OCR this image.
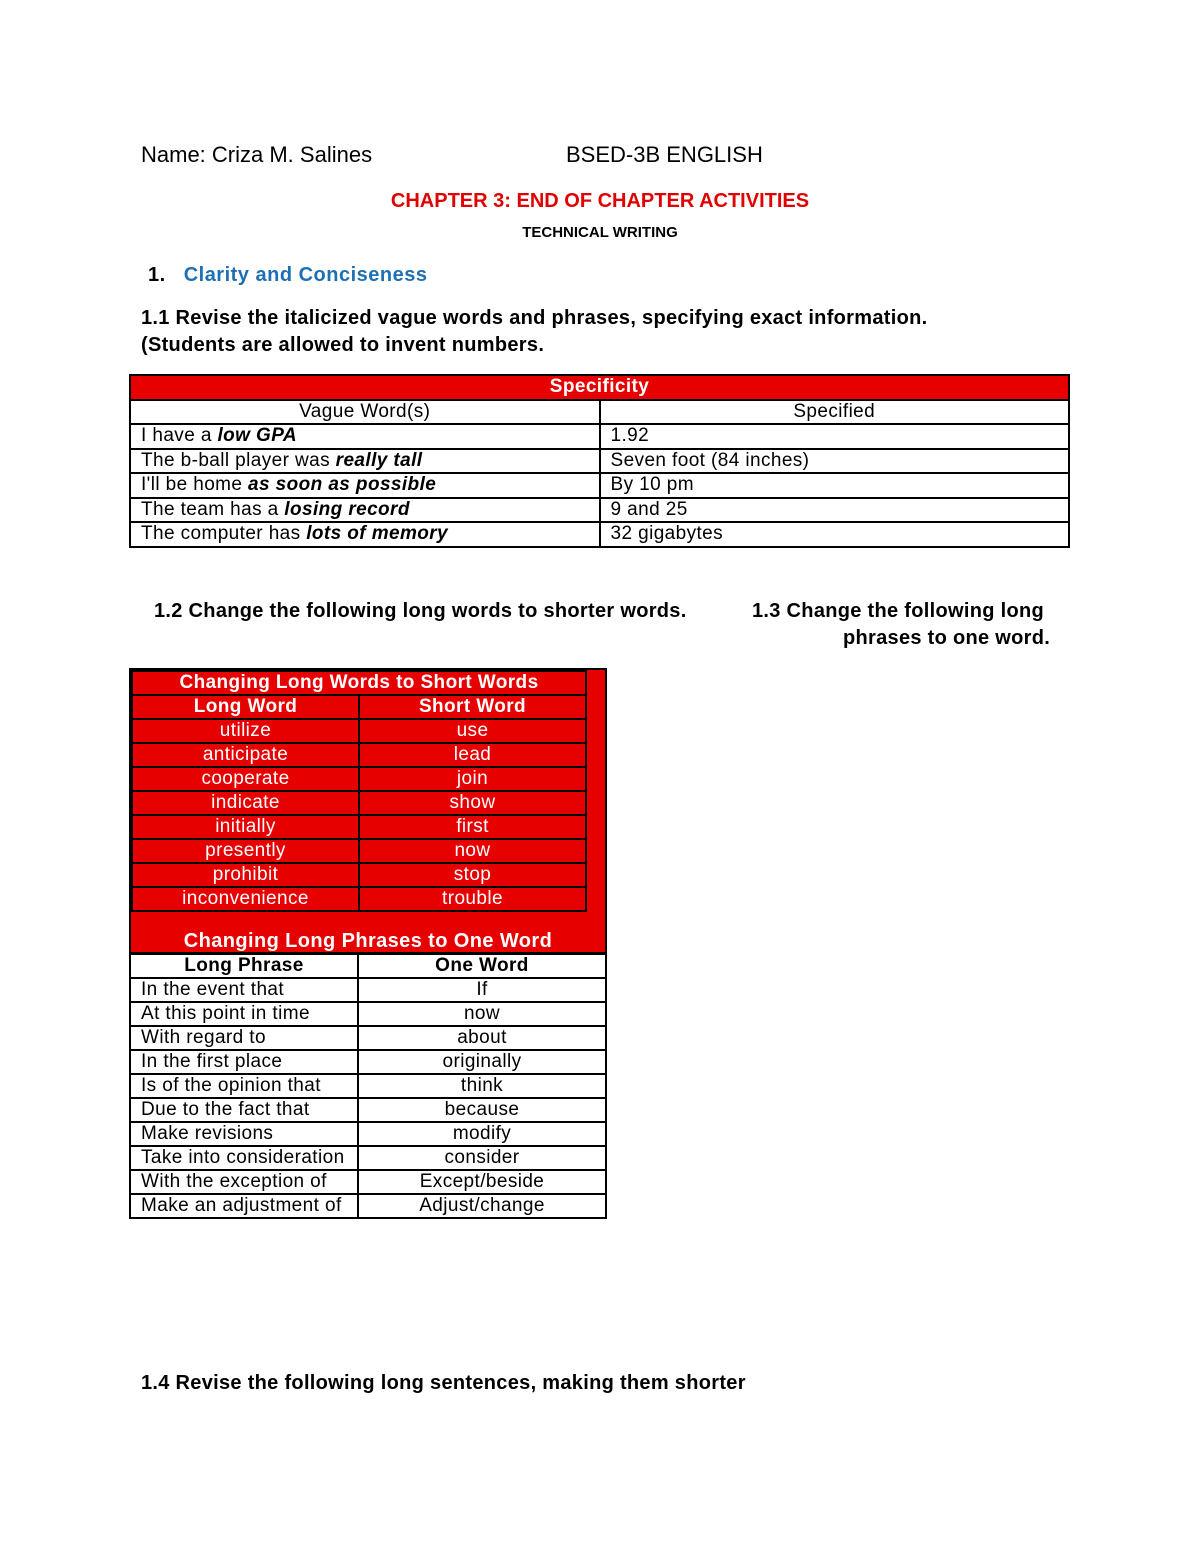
Name: Criza M. Salines	BSED-3B ENGLISH
CHAPTER 3: END OF CHAPTER ACTIVITIES
TECHNICAL WRITING
1. Clarity and Conciseness
1.1 Revise the italicized vague words and phrases, specifying exact information.
(Students are allowed to invent numbers.
Specificity	
Vague Word(s)	Specified
I have a low GPA	1.92
The b-ball player was really tall	Seven foot (84 inches)
I'll be home as soon as possible	By 10 pm
The team has a losing record	9 and 25
The computer has lots of memory	32 gigabytes
1.2 Change the following long words to shorter words.	1.3 Change the following long
phrases to one word.
Changing Long Words to Short Words	
Long Word	Short Word
utilize	use
anticipate	lead
cooperate	join
indicate	show
initially	first
presently	now
prohibit	stop
inconvenience	trouble
Changing Long Phrases to One Word
Long Phrase	One Word
In the event that	If
At this point in time	now
With regard to	about
In the first place	originally
Is of the opinion that	think
Due to the fact that	because
Make revisions	modify
Take into consideration	consider
With the exception of	Except/beside
Make an adjustment of	Adjust/change
1.4 Revise the following long sentences, making them shorter
